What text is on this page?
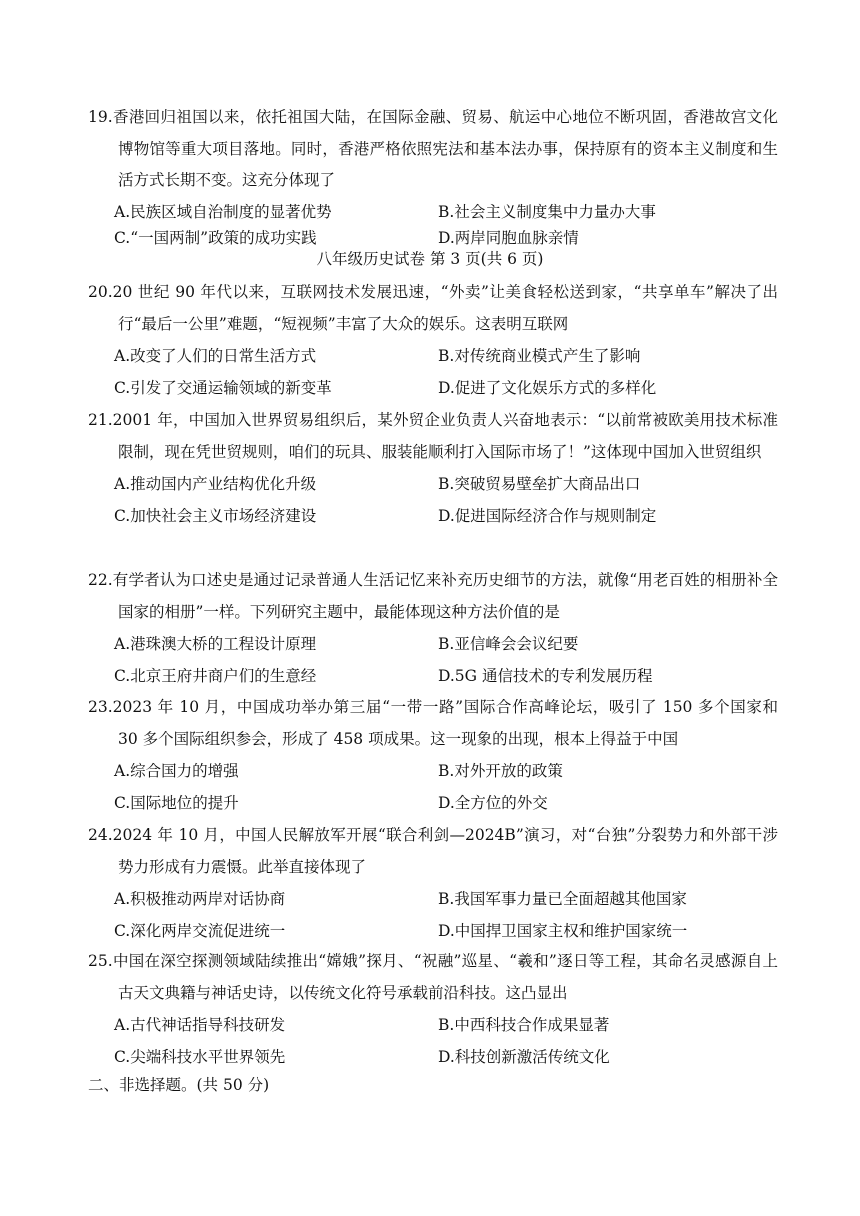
19.香港回归祖国以来，依托祖国大陆，在国际金融、贸易、航运中心地位不断巩固，香港故宫文化博物馆等重大项目落地。同时，香港严格依照宪法和基本法办事，保持原有的资本主义制度和生活方式长期不变。这充分体现了
A.民族区域自治制度的显著优势	B.社会主义制度集中力量办大事
C.“一国两制”政策的成功实践	D.两岸同胞血脉亲情
八年级历史试卷 第 3 页(共 6 页)
20.20 世纪 90 年代以来，互联网技术发展迅速，“外卖”让美食轻松送到家，“共享单车”解决了出行“最后一公里”难题，“短视频”丰富了大众的娱乐。这表明互联网
A.改变了人们的日常生活方式	B.对传统商业模式产生了影响
C.引发了交通运输领域的新变革	D.促进了文化娱乐方式的多样化
21.2001 年，中国加入世界贸易组织后，某外贸企业负责人兴奋地表示：“以前常被欧美用技术标准限制，现在凭世贸规则，咱们的玩具、服装能顺利打入国际市场了！”这体现中国加入世贸组织
A.推动国内产业结构优化升级	B.突破贸易壁垒扩大商品出口
C.加快社会主义市场经济建设	D.促进国际经济合作与规则制定
22.有学者认为口述史是通过记录普通人生活记忆来补充历史细节的方法，就像“用老百姓的相册补全国家的相册”一样。下列研究主题中，最能体现这种方法价值的是
A.港珠澳大桥的工程设计原理	B.亚信峰会会议纪要
C.北京王府井商户们的生意经	D.5G 通信技术的专利发展历程
23.2023 年 10 月，中国成功举办第三届“一带一路”国际合作高峰论坛，吸引了 150 多个国家和 30 多个国际组织参会，形成了 458 项成果。这一现象的出现，根本上得益于中国
A.综合国力的增强	B.对外开放的政策
C.国际地位的提升	D.全方位的外交
24.2024 年 10 月，中国人民解放军开展“联合利剑—2024B”演习，对“台独”分裂势力和外部干涉势力形成有力震慑。此举直接体现了
A.积极推动两岸对话协商	B.我国军事力量已全面超越其他国家
C.深化两岸交流促进统一	D.中国捍卫国家主权和维护国家统一
25.中国在深空探测领域陆续推出“嫦娥”探月、“祝融”巡星、“羲和”逐日等工程，其命名灵感源自上古天文典籍与神话史诗，以传统文化符号承载前沿科技。这凸显出
A.古代神话指导科技研发	B.中西科技合作成果显著
C.尖端科技水平世界领先	D.科技创新激活传统文化
二、非选择题。(共 50 分)
